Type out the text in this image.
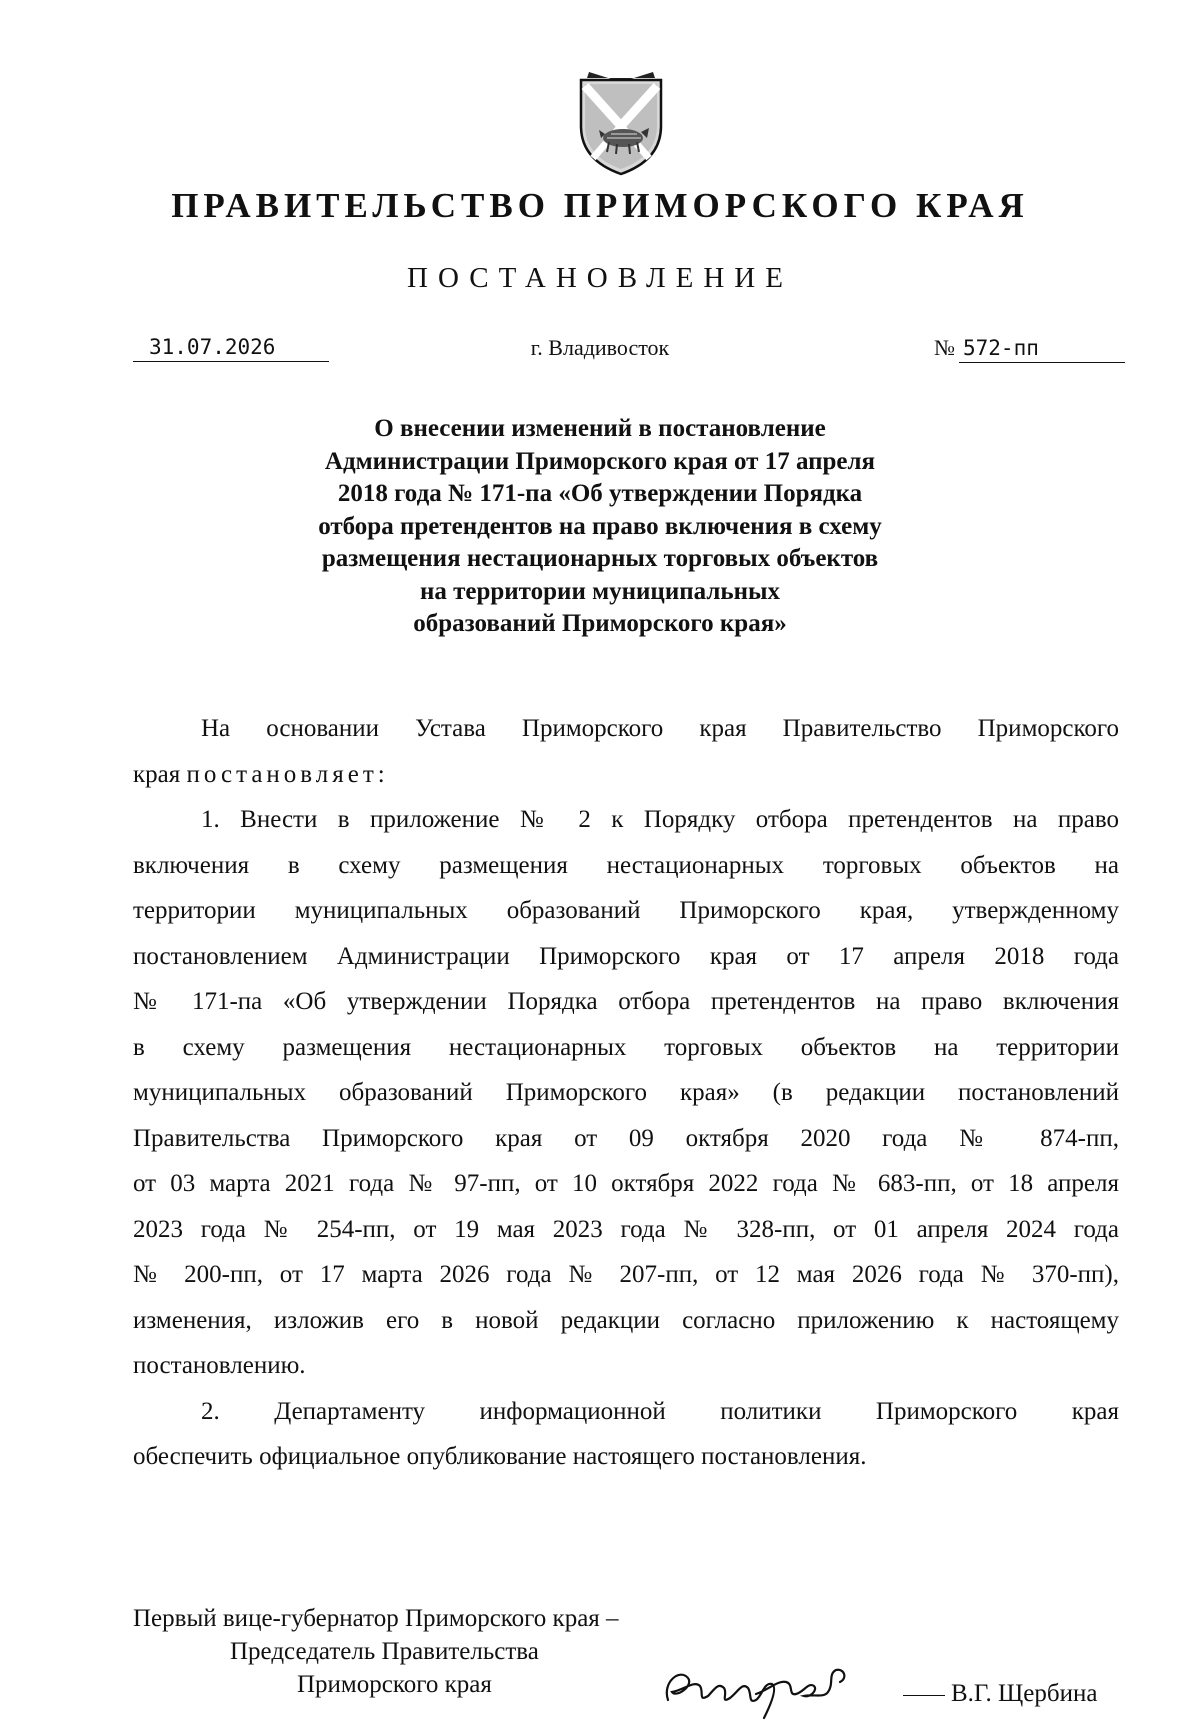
ПРАВИТЕЛЬСТВО ПРИМОРСКОГО КРАЯ
ПОСТАНОВЛЕНИЕ
31.07.2026	г. Владивосток	№ 572-пп
О внесении изменений в постановление
Администрации Приморского края от 17 апреля
2018 года № 171-па «Об утверждении Порядка
отбора претендентов на право включения в схему
размещения нестационарных торговых объектов
на территории муниципальных
образований Приморского края»
На основании Устава Приморского края Правительство Приморского
края постановляет:
1. Внести в приложение № 2 к Порядку отбора претендентов на право
включения в схему размещения нестационарных торговых объектов на
территории муниципальных образований Приморского края, утвержденному
постановлением Администрации Приморского края от 17 апреля 2018 года
№ 171-па «Об утверждении Порядка отбора претендентов на право включения
в схему размещения нестационарных торговых объектов на территории
муниципальных образований Приморского края» (в редакции постановлений
Правительства Приморского края от 09 октября 2020 года № 874-пп,
от 03 марта 2021 года № 97-пп, от 10 октября 2022 года № 683-пп, от 18 апреля
2023 года № 254-пп, от 19 мая 2023 года № 328-пп, от 01 апреля 2024 года
№ 200-пп, от 17 марта 2026 года № 207-пп, от 12 мая 2026 года № 370-пп),
изменения, изложив его в новой редакции согласно приложению к настоящему
постановлению.
2. Департаменту информационной политики Приморского края
обеспечить официальное опубликование настоящего постановления.
Первый вице-губернатор Приморского края –
Председатель Правительства
Приморского края	В.Г. Щербина
